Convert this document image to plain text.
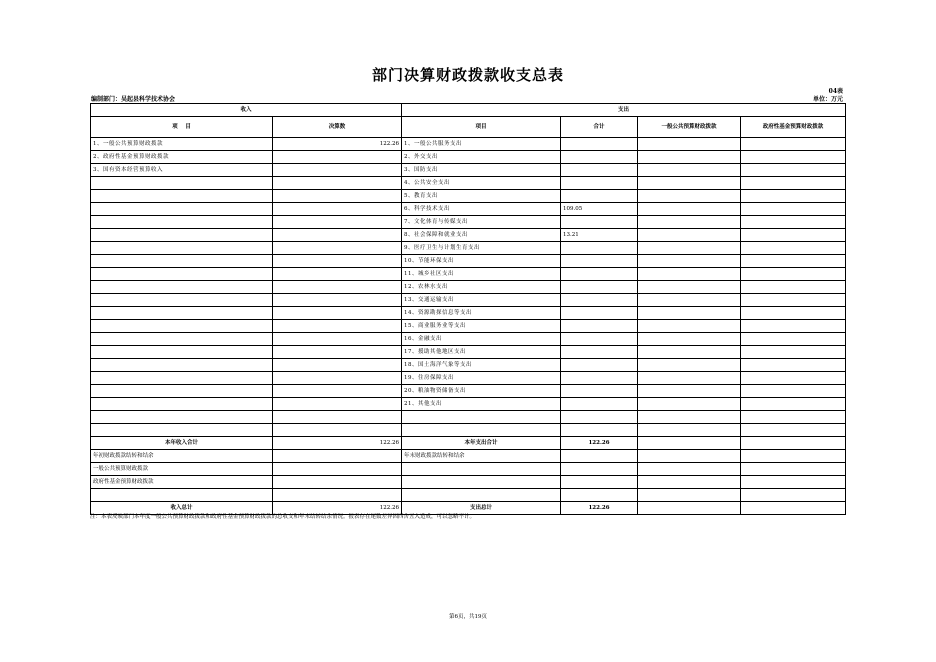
部门决算财政拨款收支总表
04表
编制部门：吴起县科学技术协会	单位：万元
收入		支出			
项    目	决算数	项目	合计	一般公共预算财政拨款	政府性基金预算财政拨款
1、一般公共预算财政拨款	122.26	1、一般公共服务支出			
2、政府性基金预算财政拨款		2、外交支出			
3、国有资本经营预算收入		3、国防支出			
		4、公共安全支出			
		5、教育支出			
		6、科学技术支出	109.05		
		7、文化体育与传媒支出			
		8、社会保障和就业支出	13.21		
		9、医疗卫生与计划生育支出			
		10、节能环保支出			
		11、城乡社区支出			
		12、农林水支出			
		13、交通运输支出			
		14、资源勘探信息等支出			
		15、商业服务业等支出			
		16、金融支出			
		17、援助其他地区支出			
		18、国土海洋气象等支出			
		19、住房保障支出			
		20、粮油物资储备支出			
		21、其他支出			

本年收入合计	122.26	本年支出合计	122.26		
年初财政拨款结转和结余		年末财政拨款结转和结余			
一般公共预算财政拨款					
政府性基金预算财政拨款					

收入总计	122.26	支出总计	122.26		
注：本表反映部门本年度一般公共预算财政拨款和政府性基金预算财政拨款的总收支和年末结转结余情况。报表存在尾数差异因四舍五入造成，可以忽略不计。
第6页，共19页
